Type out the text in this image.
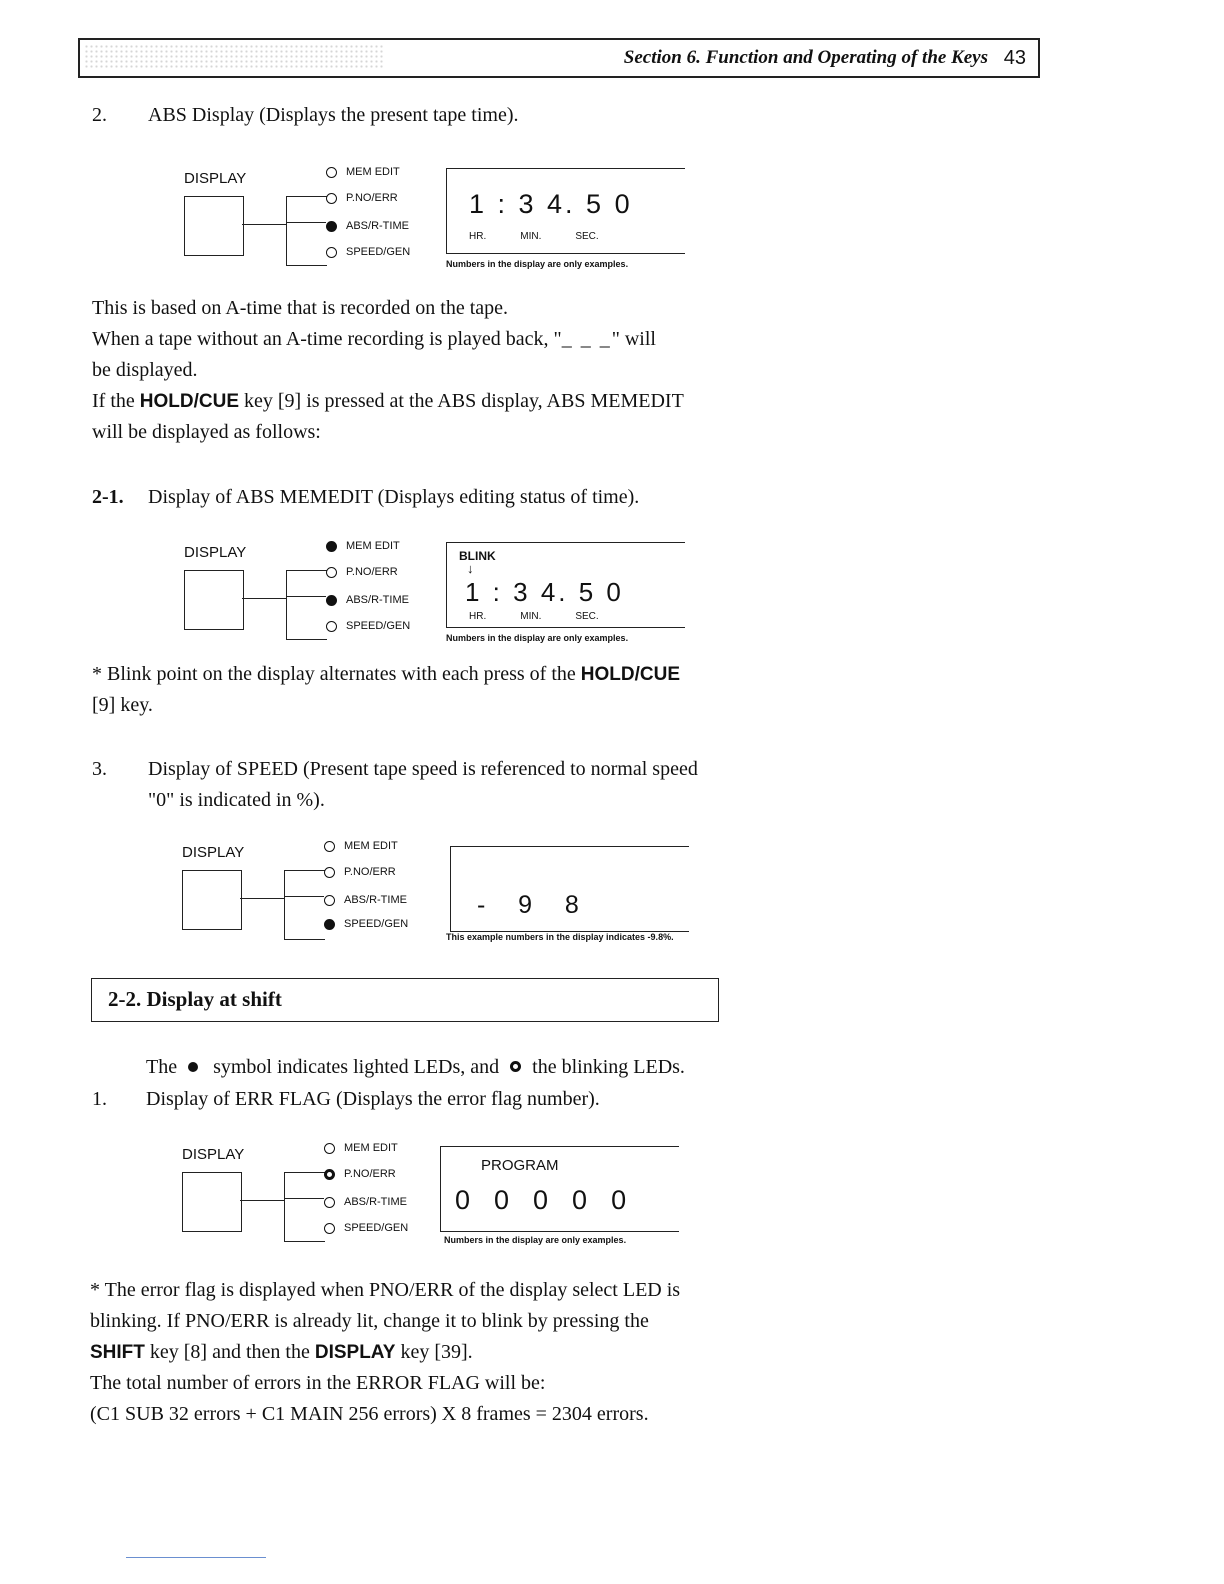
Section 6. Function and Operating of the Keys 43
2. ABS Display (Displays the present tape time).
DISPLAY	MEM EDIT
P.NO/ERR
ABS/R-TIME
SPEED/GEN
1 : 3 4. 5 0
HR.	MIN.	SEC.
Numbers in the display are only examples.
This is based on A-time that is recorded on the tape.
When a tape without an A-time recording is played back, "_ _ _" will
be displayed.
If the HOLD/CUE key [9] is pressed at the ABS display, ABS MEMEDIT
will be displayed as follows:
2-1. Display of ABS MEMEDIT (Displays editing status of time).
DISPLAY	MEM EDIT
P.NO/ERR
ABS/R-TIME
SPEED/GEN
BLINK
↓
1 : 3 4. 5 0
HR.	MIN.	SEC.
Numbers in the display are only examples.
* Blink point on the display alternates with each press of the HOLD/CUE
[9] key.
3. Display of SPEED (Present tape speed is referenced to normal speed
"0" is indicated in %).
DISPLAY	MEM EDIT
P.NO/ERR
ABS/R-TIME
SPEED/GEN
-   9   8
This example numbers in the display indicates -9.8%.
2-2. Display at shift
The symbol indicates lighted LEDs, and the blinking LEDs.
1. Display of ERR FLAG (Displays the error flag number).
DISPLAY	MEM EDIT
P.NO/ERR
ABS/R-TIME
SPEED/GEN
PROGRAM
0  0  0  0  0
Numbers in the display are only examples.
* The error flag is displayed when PNO/ERR of the display select LED is
blinking. If PNO/ERR is already lit, change it to blink by pressing the
SHIFT key [8] and then the DISPLAY key [39].
The total number of errors in the ERROR FLAG will be:
(C1 SUB 32 errors + C1 MAIN 256 errors) X 8 frames = 2304 errors.
